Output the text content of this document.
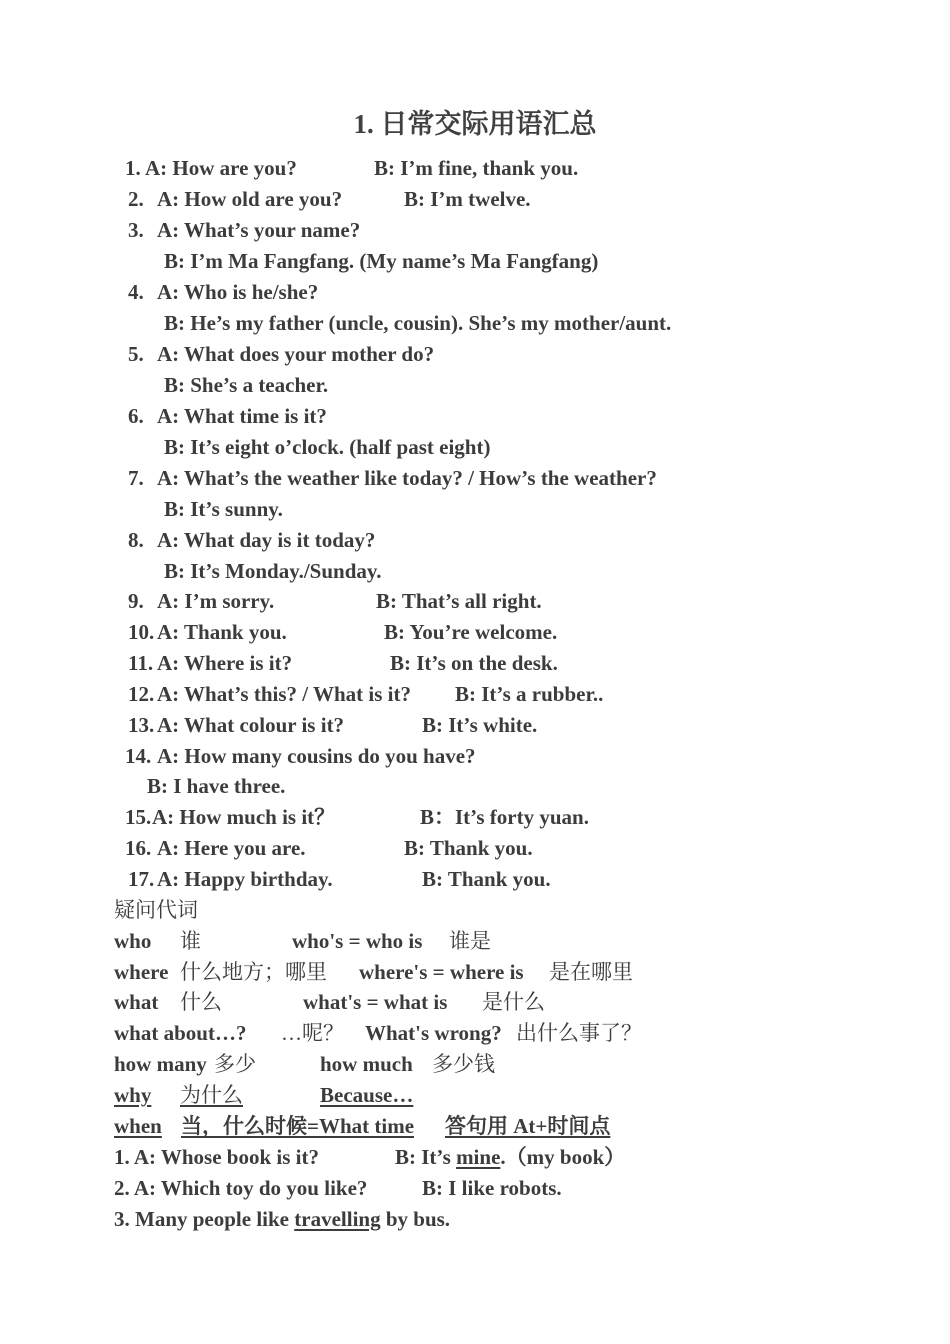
1. 日常交际用语汇总
1. A: How are you?	B: I’m fine, thank you.
2. A: How old are you?	B: I’m twelve.
3. A: What’s your name?
B: I’m Ma Fangfang. (My name’s Ma Fangfang)
4. A: Who is he/she?
B: He’s my father (uncle, cousin). She’s my mother/aunt.
5. A: What does your mother do?
B: She’s a teacher.
6. A: What time is it?
B: It’s eight o’clock. (half past eight)
7. A: What’s the weather like today? / How’s the weather?
B: It’s sunny.
8. A: What day is it today?
B: It’s Monday./Sunday.
9. A: I’m sorry.	B: That’s all right.
10. A: Thank you.	B: You’re welcome.
11. A: Where is it?	B: It’s on the desk.
12. A: What’s this? / What is it? B: It’s a rubber..
13. A: What colour is it?	B: It’s white.
14. A: How many cousins do you have?
B: I have three.
15. A: How much is it？	B：It’s forty yuan.
16. A: Here you are.	B: Thank you.
17. A: Happy birthday.	B: Thank you.
疑问代词
who 谁	who's = who is 谁是
where 什么地方；哪里 where's = where is 是在哪里
what 什么	what's = what is 是什么
what about…? …呢？ What's wrong? 出什么事了？
how many 多少	how much 多少钱
why	为什么	Because…
when 当，什么时候=What time 答句用 At+时间点
1. A: Whose book is it?	B: It’s mine.（my book）
2. A: Which toy do you like?	B: I like robots.
3. Many people like travelling by bus.
